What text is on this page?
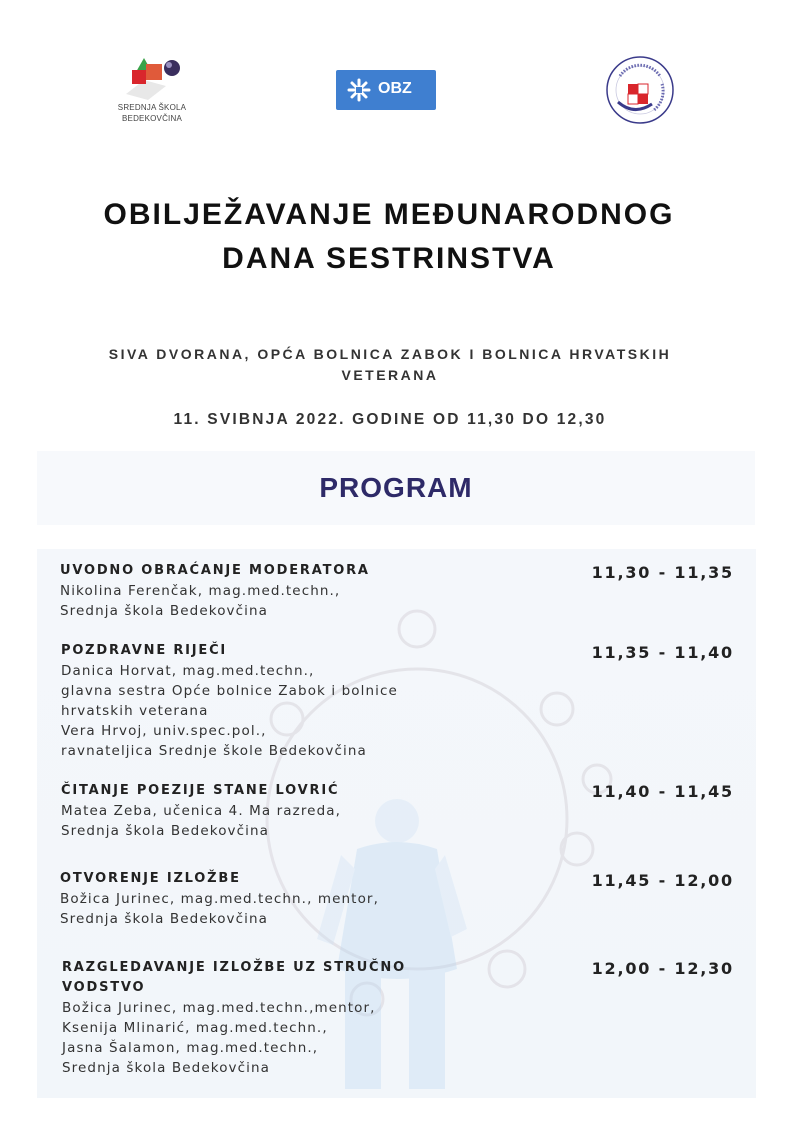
SREDNJA ŠKOLA
BEDEKOVČINA
OBZ
OBILJEŽAVANJE MEĐUNARODNOG
DANA SESTRINSTVA
SIVA DVORANA, OPĆA BOLNICA ZABOK I BOLNICA HRVATSKIH VETERANA
11. SVIBNJA 2022. GODINE OD 11,30 DO 12,30
PROGRAM
UVODNO OBRAĆANJE MODERATORA
Nikolina Ferenčak, mag.med.techn.,
Srednja škola Bedekovčina
11,30 - 11,35
POZDRAVNE RIJEČI
Danica Horvat, mag.med.techn.,
glavna sestra Opće bolnice Zabok i bolnice
hrvatskih veterana
Vera Hrvoj, univ.spec.pol.,
ravnateljica Srednje škole Bedekovčina
11,35 - 11,40
ČITANJE POEZIJE STANE LOVRIĆ
Matea Zeba, učenica 4. Ma razreda,
Srednja škola Bedekovčina
11,40 - 11,45
OTVORENJE IZLOŽBE
Božica Jurinec, mag.med.techn., mentor,
Srednja škola Bedekovčina
11,45 - 12,00
RAZGLEDAVANJE IZLOŽBE UZ STRUČNO
VODSTVO
Božica Jurinec, mag.med.techn.,mentor,
Ksenija Mlinarić, mag.med.techn.,
Jasna Šalamon, mag.med.techn.,
Srednja škola Bedekovčina
12,00 - 12,30
